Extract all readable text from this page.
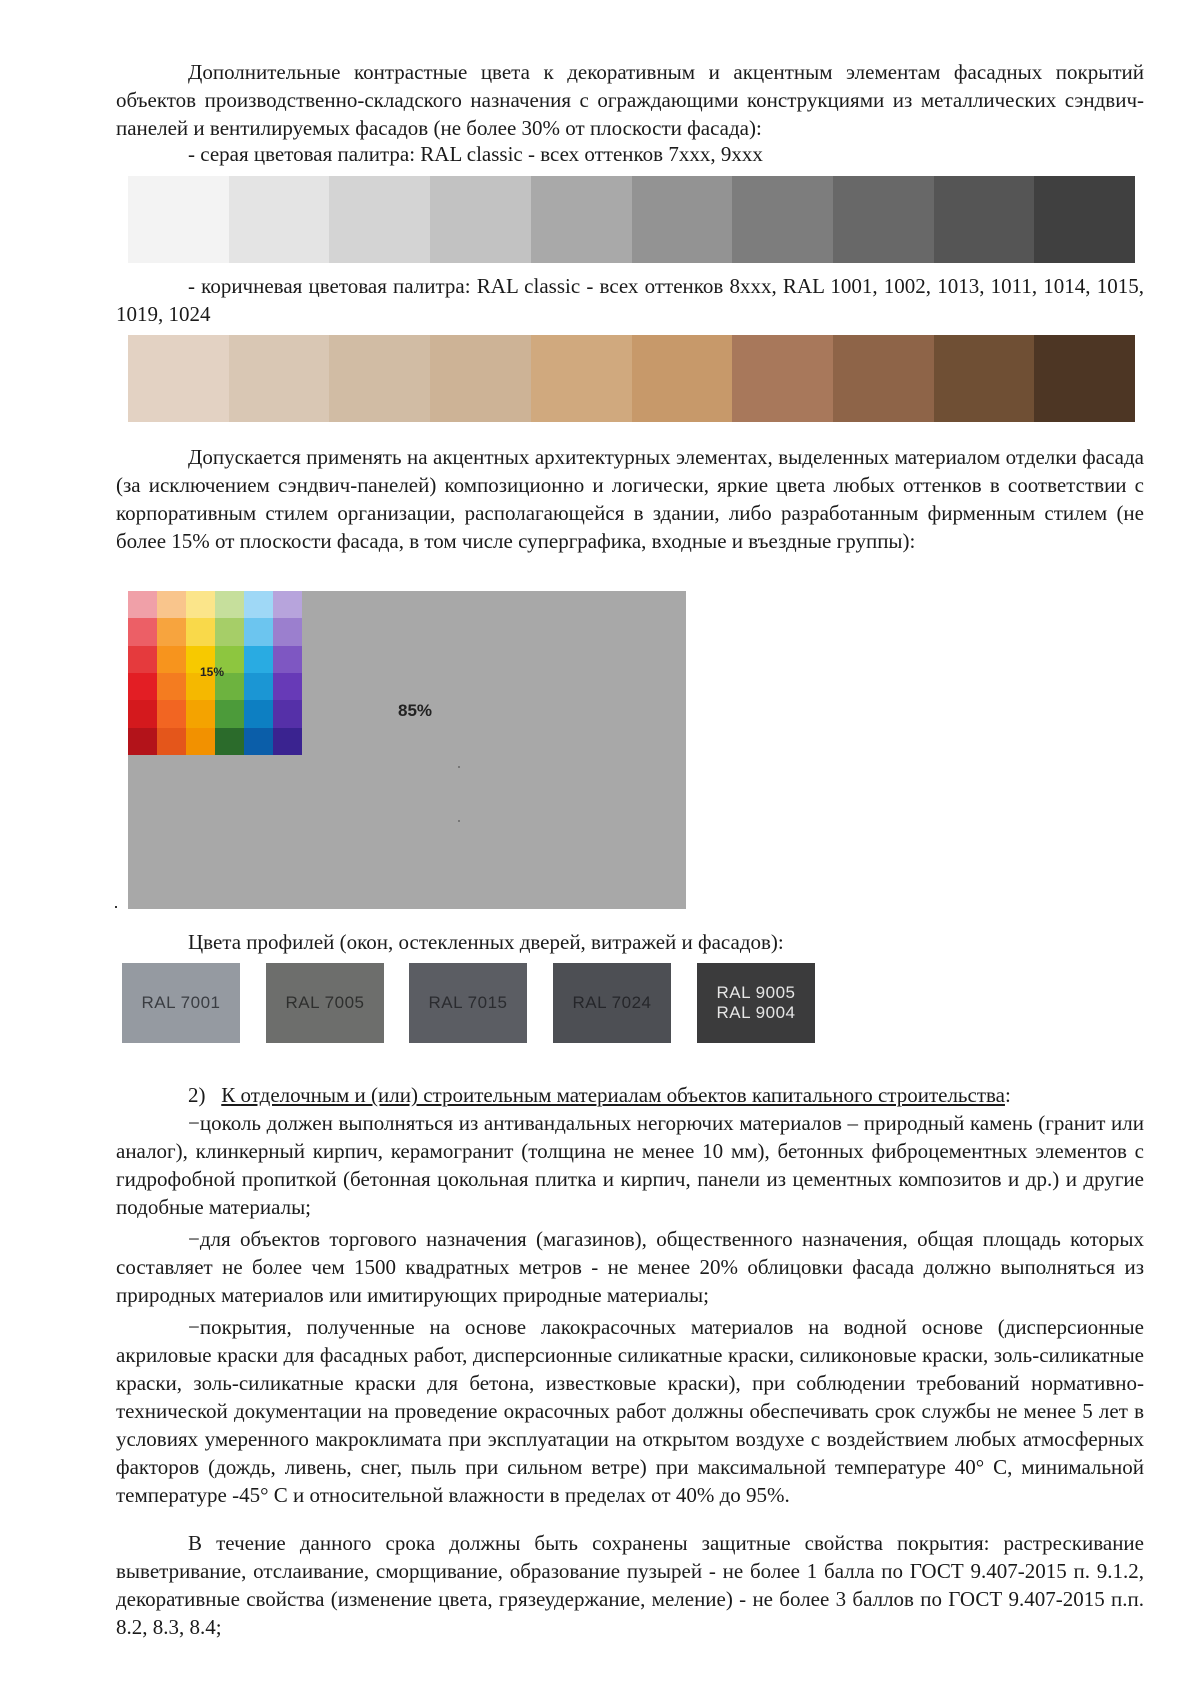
Дополнительные контрастные цвета к декоративным и акцентным элементам фасадных покрытий объектов производственно-складского назначения с ограждающими конструкциями из металлических сэндвич-панелей и вентилируемых фасадов (не более 30% от плоскости фасада):

- серая цветовая палитра: RAL classic - всех оттенков 7xxx, 9xxx

- коричневая цветовая палитра: RAL classic - всех оттенков 8xxx, RAL 1001, 1002, 1013, 1011, 1014, 1015, 1019, 1024

Допускается применять на акцентных архитектурных элементах, выделенных материалом отделки фасада (за исключением сэндвич-панелей) композиционно и логически, яркие цвета любых оттенков в соответствии с корпоративным стилем организации, располагающейся в здании, либо разработанным фирменным стилем (не более 15% от плоскости фасада, в том числе суперграфика, входные и въездные группы):

15%
85%

Цвета профилей (окон, остекленных дверей, витражей и фасадов):

RAL 7001	RAL 7005	RAL 7015	RAL 7024
RAL 9005
RAL 9004

2) К отделочным и (или) строительным материалам объектов капитального строительства:

−цоколь должен выполняться из антивандальных негорючих материалов – природный камень (гранит или аналог), клинкерный кирпич, керамогранит (толщина не менее 10 мм), бетонных фиброцементных элементов с гидрофобной пропиткой (бетонная цокольная плитка и кирпич, панели из цементных композитов и др.) и другие подобные материалы;

−для объектов торгового назначения (магазинов), общественного назначения, общая площадь которых составляет не более чем 1500 квадратных метров - не менее 20% облицовки фасада должно выполняться из природных материалов или имитирующих природные материалы;

−покрытия, полученные на основе лакокрасочных материалов на водной основе (дисперсионные акриловые краски для фасадных работ, дисперсионные силикатные краски, силиконовые краски, золь-силикатные краски, золь-силикатные краски для бетона, известковые краски), при соблюдении требований нормативно-технической документации на проведение окрасочных работ должны обеспечивать срок службы не менее 5 лет в условиях умеренного макроклимата при эксплуатации на открытом воздухе с воздействием любых атмосферных факторов (дождь, ливень, снег, пыль при сильном ветре) при максимальной температуре 40° С, минимальной температуре -45° С и относительной влажности в пределах от 40% до 95%.

В течение данного срока должны быть сохранены защитные свойства покрытия: растрескивание выветривание, отслаивание, сморщивание, образование пузырей - не более 1 балла по ГОСТ 9.407-2015 п. 9.1.2, декоративные свойства (изменение цвета, грязеудержание, меление) - не более 3 баллов по ГОСТ 9.407-2015 п.п. 8.2, 8.3, 8.4;
